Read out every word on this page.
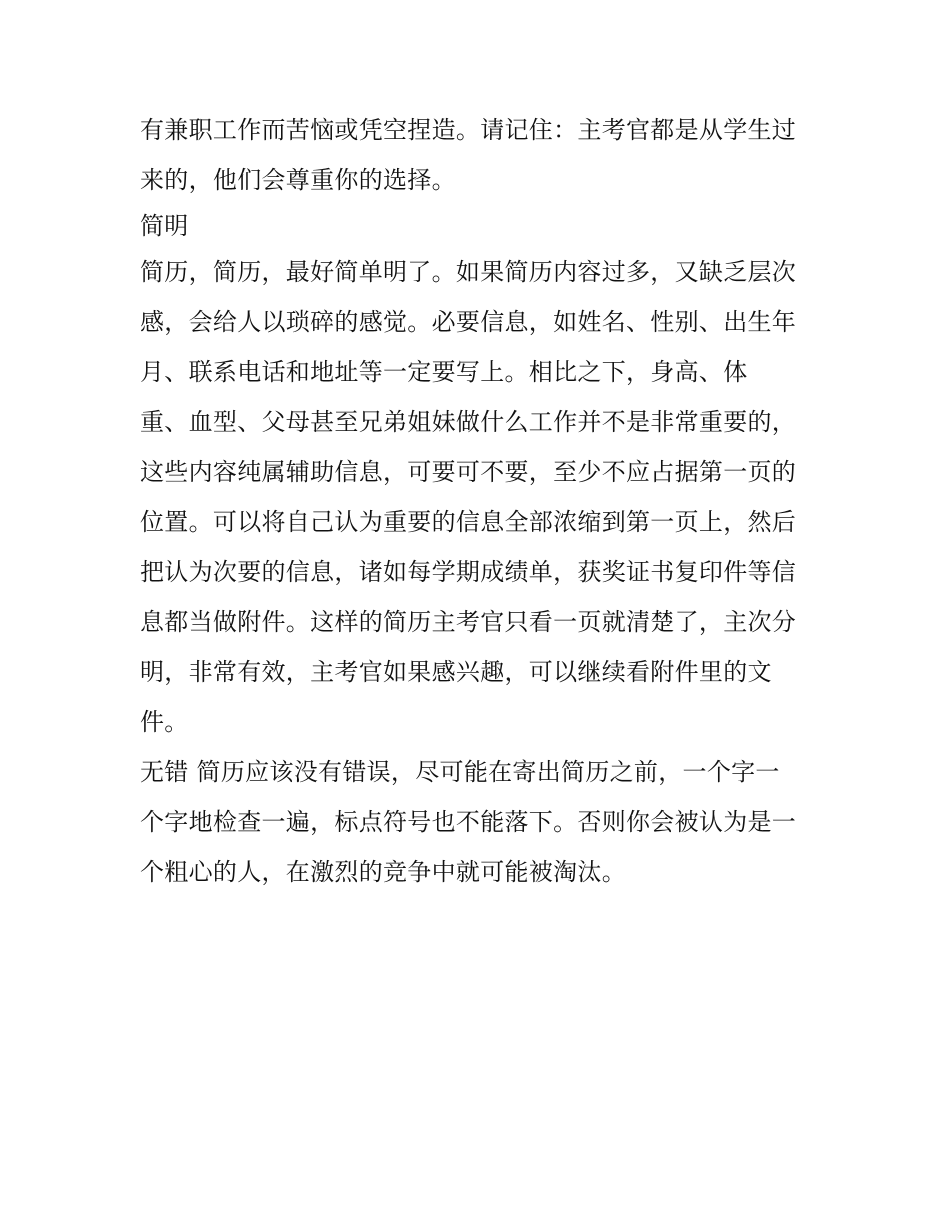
有兼职工作而苦恼或凭空捏造。请记住：主考官都是从学生过
来的，他们会尊重你的选择。
简明
简历，简历，最好简单明了。如果简历内容过多，又缺乏层次
感，会给人以琐碎的感觉。必要信息，如姓名、性别、出生年
月、联系电话和地址等一定要写上。相比之下，身高、体
重、血型、父母甚至兄弟姐妹做什么工作并不是非常重要的，
这些内容纯属辅助信息，可要可不要，至少不应占据第一页的
位置。可以将自己认为重要的信息全部浓缩到第一页上，然后
把认为次要的信息，诸如每学期成绩单，获奖证书复印件等信
息都当做附件。这样的简历主考官只看一页就清楚了，主次分
明，非常有效，主考官如果感兴趣，可以继续看附件里的文
件。
无错 简历应该没有错误，尽可能在寄出简历之前，一个字一
个字地检查一遍，标点符号也不能落下。否则你会被认为是一
个粗心的人，在激烈的竞争中就可能被淘汰。
